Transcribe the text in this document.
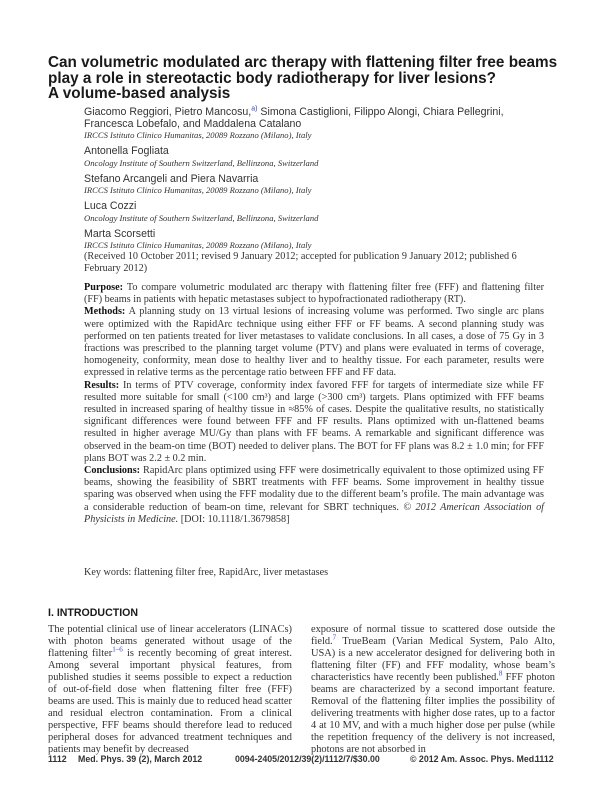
Can volumetric modulated arc therapy with flattening filter free beams
play a role in stereotactic body radiotherapy for liver lesions?
A volume-based analysis
Giacomo Reggiori, Pietro Mancosu,$^{a)}$ Simona Castiglioni, Filippo Alongi, Chiara Pellegrini,
Francesca Lobefalo, and Maddalena Catalano
IRCCS Istituto Clinico Humanitas, 20089 Rozzano (Milano), Italy
Antonella Fogliata
Oncology Institute of Southern Switzerland, Bellinzona, Switzerland
Stefano Arcangeli and Piera Navarria
IRCCS Istituto Clinico Humanitas, 20089 Rozzano (Milano), Italy
Luca Cozzi
Oncology Institute of Southern Switzerland, Bellinzona, Switzerland
Marta Scorsetti
IRCCS Istituto Clinico Humanitas, 20089 Rozzano (Milano), Italy
(Received 10 October 2011; revised 9 January 2012; accepted for publication 9 January 2012; published 6 February 2012)

Purpose: To compare volumetric modulated arc therapy with flattening filter free (FFF) and flattening filter (FF) beams in patients with hepatic metastases subject to hypofractionated radiotherapy (RT).

Methods: A planning study on 13 virtual lesions of increasing volume was performed. Two single arc plans were optimized with the RapidArc technique using either FFF or FF beams. A second planning study was performed on ten patients treated for liver metastases to validate conclusions. In all cases, a dose of 75 Gy in 3 fractions was prescribed to the planning target volume (PTV) and plans were evaluated in terms of coverage, homogeneity, conformity, mean dose to healthy liver and to healthy tissue. For each parameter, results were expressed in relative terms as the percentage ratio between FFF and FF data.

Results: In terms of PTV coverage, conformity index favored FFF for targets of intermediate size while FF resulted more suitable for small (<100 cm³) and large (>300 cm³) targets. Plans optimized with FFF beams resulted in increased sparing of healthy tissue in ≈85% of cases. Despite the qualitative results, no statistically significant differences were found between FFF and FF results. Plans optimized with un-flattened beams resulted in higher average MU/Gy than plans with FF beams. A remarkable and significant difference was observed in the beam-on time (BOT) needed to deliver plans. The BOT for FF plans was 8.2 ± 1.0 min; for FFF plans BOT was 2.2 ± 0.2 min.

Conclusions: RapidArc plans optimized using FFF were dosimetrically equivalent to those optimized using FF beams, showing the feasibility of SBRT treatments with FFF beams. Some improvement in healthy tissue sparing was observed when using the FFF modality due to the different beam’s profile. The main advantage was a considerable reduction of beam-on time, relevant for SBRT techniques. © 2012 American Association of Physicists in Medicine. [DOI: 10.1118/1.3679858]

Key words: flattening filter free, RapidArc, liver metastases
I. INTRODUCTION

The potential clinical use of linear accelerators (LINACs) with photon beams generated without usage of the flattening filter$^{1-6}$ is recently becoming of great interest. Among several important physical features, from published studies it seems possible to expect a reduction of out-of-field dose when flattening filter free (FFF) beams are used. This is mainly due to reduced head scatter and residual electron contamination. From a clinical perspective, FFF beams should therefore lead to reduced peripheral doses for advanced treatment techniques and patients may benefit by decreased

exposure of normal tissue to scattered dose outside the field.$^7$ TrueBeam (Varian Medical System, Palo Alto, USA) is a new accelerator designed for delivering both in flattening filter (FF) and FFF modality, whose beam’s characteristics have recently been published.$^8$ FFF photon beams are characterized by a second important feature. Removal of the flattening filter implies the possibility of delivering treatments with higher dose rates, up to a factor 4 at 10 MV, and with a much higher dose per pulse (while the repetition frequency of the delivery is not increased, photons are not absorbed in

1112 Med. Phys. 39 (2), March 2012	0094-2405/2012/39(2)/1112/7/$30.00	© 2012 Am. Assoc. Phys. Med.
1112
